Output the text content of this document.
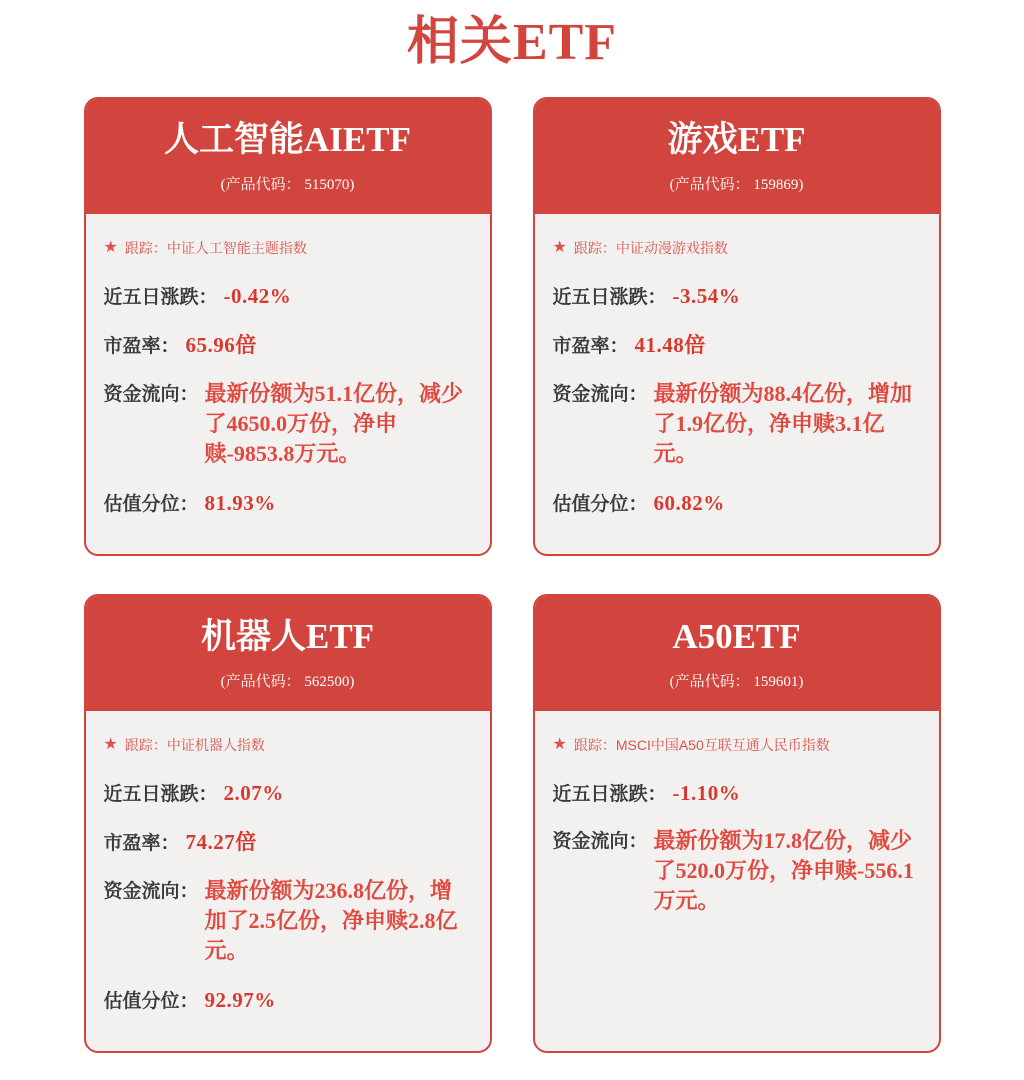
相关ETF
人工智能AIETF
(产品代码： 515070)
★ 跟踪： 中证人工智能主题指数
近五日涨跌： -0.42%
市盈率： 65.96倍
资金流向： 最新份额为51.1亿份，减少了4650.0万份，净申赎-9853.8万元。
估值分位： 81.93%
游戏ETF
(产品代码： 159869)
★ 跟踪： 中证动漫游戏指数
近五日涨跌： -3.54%
市盈率： 41.48倍
资金流向： 最新份额为88.4亿份，增加了1.9亿份，净申赎3.1亿元。
估值分位： 60.82%
机器人ETF
(产品代码： 562500)
★ 跟踪： 中证机器人指数
近五日涨跌： 2.07%
市盈率： 74.27倍
资金流向： 最新份额为236.8亿份，增加了2.5亿份，净申赎2.8亿元。
估值分位： 92.97%
A50ETF
(产品代码： 159601)
★ 跟踪： MSCI中国A50互联互通人民币指数
近五日涨跌： -1.10%
资金流向： 最新份额为17.8亿份，减少了520.0万份，净申赎-556.1万元。
